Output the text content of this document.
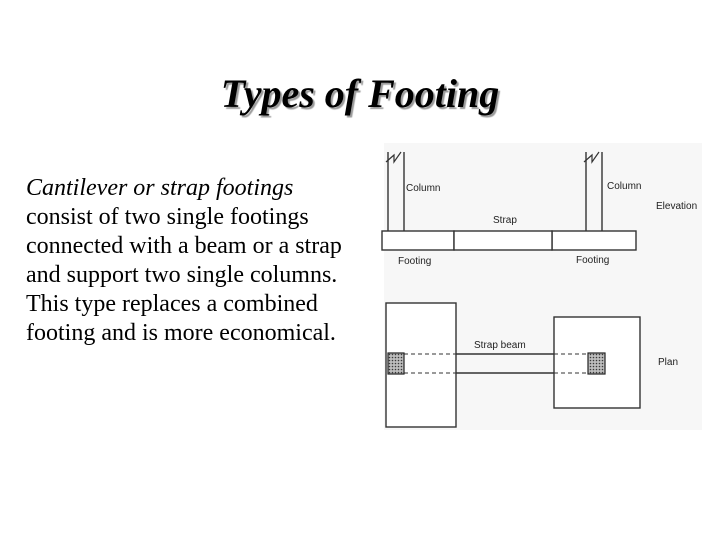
Types of Footing
Cantilever or strap footings
consist of two single footings connected with a beam or a strap and support two single columns. This type replaces a combined footing and is more economical.
Column	Column
Strap
Elevation
Footing	Footing
Strap beam
Plan
